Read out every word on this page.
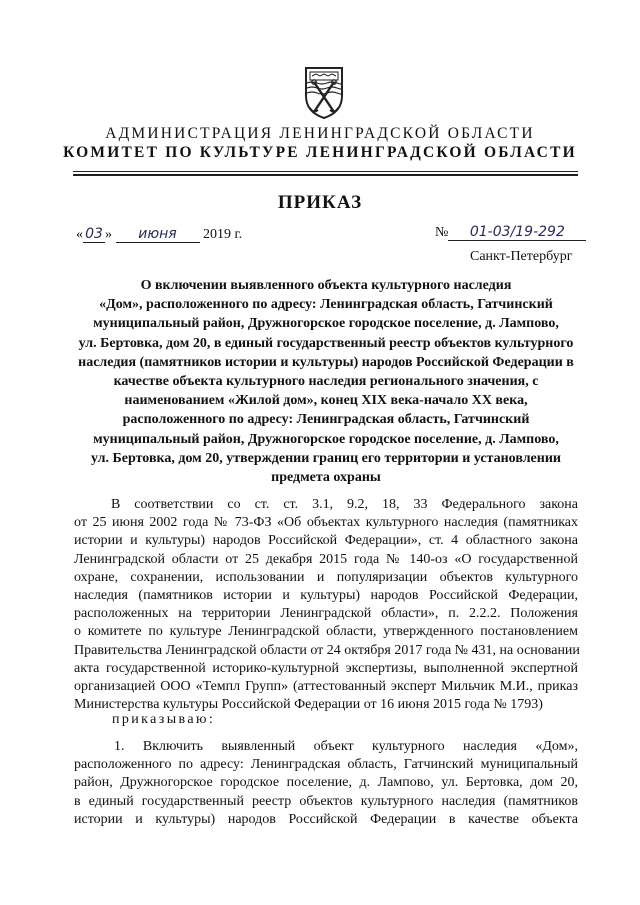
АДМИНИСТРАЦИЯ ЛЕНИНГРАДСКОЙ ОБЛАСТИ
КОМИТЕТ ПО КУЛЬТУРЕ ЛЕНИНГРАДСКОЙ ОБЛАСТИ
ПРИКАЗ
« 03 » июня 2019 г.	№ 01-03/19-292
Санкт-Петербург
О включении выявленного объекта культурного наследия
«Дом», расположенного по адресу: Ленинградская область, Гатчинский
муниципальный район, Дружногорское городское поселение, д. Лампово,
ул. Бертовка, дом 20, в единый государственный реестр объектов культурного
наследия (памятников истории и культуры) народов Российской Федерации в
качестве объекта культурного наследия регионального значения, с
наименованием «Жилой дом», конец XIX века-начало XX века,
расположенного по адресу: Ленинградская область, Гатчинский
муниципальный район, Дружногорское городское поселение, д. Лампово,
ул. Бертовка, дом 20, утверждении границ его территории и установлении
предмета охраны
В соответствии со ст. ст. 3.1, 9.2, 18, 33 Федерального закона
от 25 июня 2002 года № 73-ФЗ «Об объектах культурного наследия (памятниках
истории и культуры) народов Российской Федерации», ст. 4 областного закона
Ленинградской области от 25 декабря 2015 года № 140-оз «О государственной
охране, сохранении, использовании и популяризации объектов культурного
наследия (памятников истории и культуры) народов Российской Федерации,
расположенных на территории Ленинградской области», п. 2.2.2. Положения
о комитете по культуре Ленинградской области, утвержденного постановлением
Правительства Ленинградской области от 24 октября 2017 года № 431, на основании
акта государственной историко-культурной экспертизы, выполненной экспертной
организацией ООО «Темпл Групп» (аттестованный эксперт Мильчик М.И., приказ
Министерства культуры Российской Федерации от 16 июня 2015 года № 1793)
приказываю:
1. Включить выявленный объект культурного наследия «Дом»,
расположенного по адресу: Ленинградская область, Гатчинский муниципальный
район, Дружногорское городское поселение, д. Лампово, ул. Бертовка, дом 20,
в единый государственный реестр объектов культурного наследия (памятников
истории и культуры) народов Российской Федерации в качестве объекта
